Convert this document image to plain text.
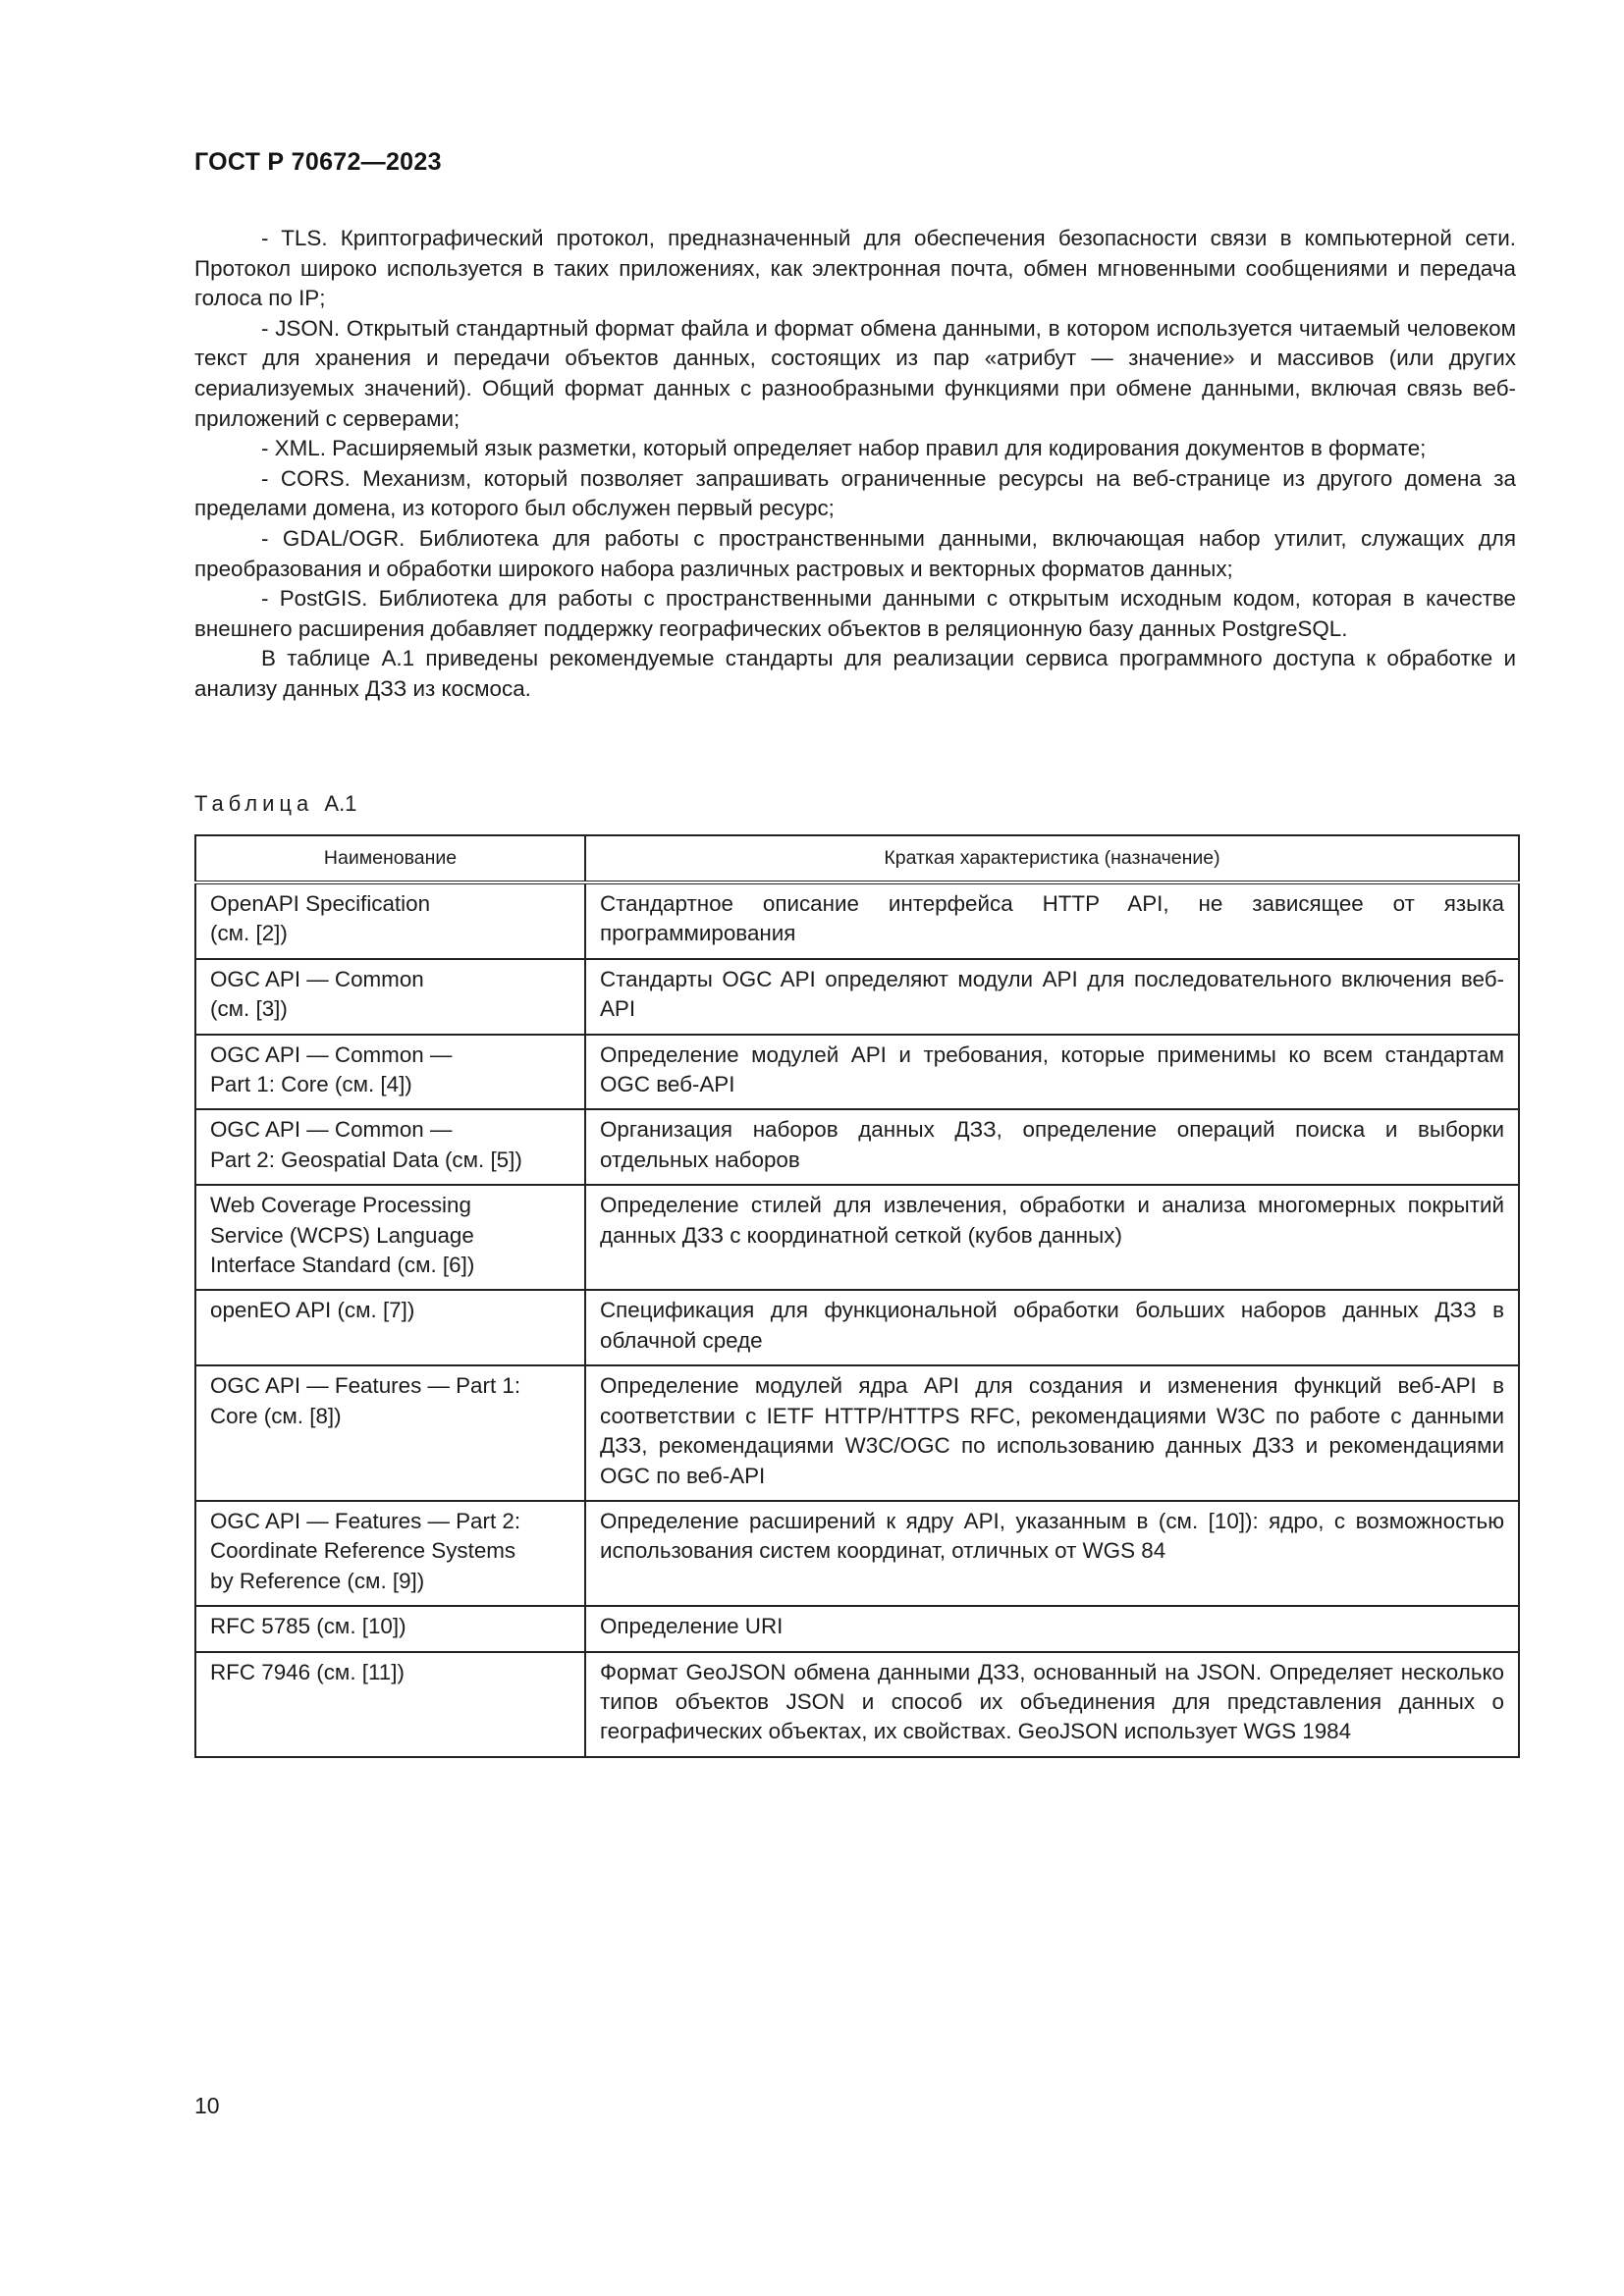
ГОСТ Р 70672—2023

- TLS. Криптографический протокол, предназначенный для обеспечения безопасности связи в компьютерной сети. Протокол широко используется в таких приложениях, как электронная почта, обмен мгновенными сообщениями и передача голоса по IP;

- JSON. Открытый стандартный формат файла и формат обмена данными, в котором используется читаемый человеком текст для хранения и передачи объектов данных, состоящих из пар «атрибут — значение» и массивов (или других сериализуемых значений). Общий формат данных с разнообразными функциями при обмене данными, включая связь веб-приложений с серверами;

- XML. Расширяемый язык разметки, который определяет набор правил для кодирования документов в формате;

- CORS. Механизм, который позволяет запрашивать ограниченные ресурсы на веб-странице из другого домена за пределами домена, из которого был обслужен первый ресурс;

- GDAL/OGR. Библиотека для работы с пространственными данными, включающая набор утилит, служащих для преобразования и обработки широкого набора различных растровых и векторных форматов данных;

- PostGIS. Библиотека для работы с пространственными данными с открытым исходным кодом, которая в качестве внешнего расширения добавляет поддержку географических объектов в реляционную базу данных PostgreSQL.

В таблице А.1 приведены рекомендуемые стандарты для реализации сервиса программного доступа к обработке и анализу данных ДЗЗ из космоса.

Таблица А.1
Наименование	Краткая характеристика (назначение)

OpenAPI Specification
(см. [2])	Стандартное описание интерфейса HTTP API, не зависящее от языка программирования

OGC API — Common
(см. [3])	Стандарты OGC API определяют модули API для последовательного включения веб-API

OGC API — Common —
Part 1: Core (см. [4])	Определение модулей API и требования, которые применимы ко всем стандартам OGC веб-API

OGC API — Common —
Part 2: Geospatial Data (см. [5])	Организация наборов данных ДЗЗ, определение операций поиска и выборки отдельных наборов

Web Coverage Processing
Service (WCPS) Language
Interface Standard (см. [6])	Определение стилей для извлечения, обработки и анализа многомерных покрытий данных ДЗЗ с координатной сеткой (кубов данных)

openEO API (см. [7])	Спецификация для функциональной обработки больших наборов данных ДЗЗ в облачной среде

OGC API — Features — Part 1:
Core (см. [8])	Определение модулей ядра API для создания и изменения функций веб-API в соответствии с IETF HTTP/HTTPS RFC, рекомендациями W3C по работе с данными ДЗЗ, рекомендациями W3C/OGC по использованию данных ДЗЗ и рекомендациями OGC по веб-API

OGC API — Features — Part 2:
Coordinate Reference Systems
by Reference (см. [9])	Определение расширений к ядру API, указанным в (см. [10]): ядро, с возможностью использования систем координат, отличных от WGS 84

RFC 5785 (см. [10])	Определение URI

RFC 7946 (см. [11])	Формат GeoJSON обмена данными ДЗЗ, основанный на JSON. Определяет несколько типов объектов JSON и способ их объединения для представления данных о географических объектах, их свойствах. GeoJSON использует WGS 1984
10
